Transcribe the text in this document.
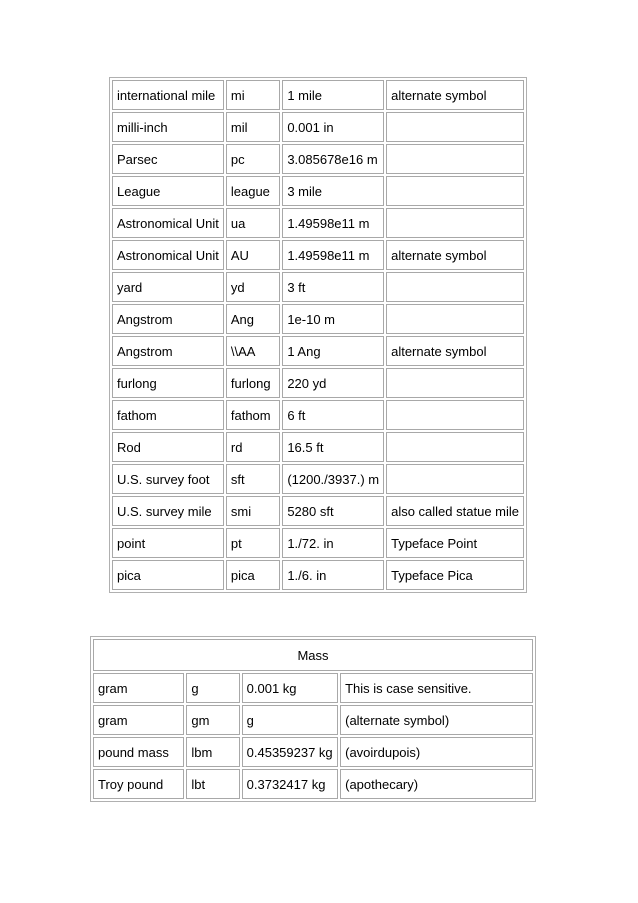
international mile	mi	1 mile	alternate symbol
milli-inch	mil	0.001 in	
Parsec	pc	3.085678e16 m	
League	league	3 mile	
Astronomical Unit	ua	1.49598e11 m	
Astronomical Unit	AU	1.49598e11 m	alternate symbol
yard	yd	3 ft	
Angstrom	Ang	1e-10 m	
Angstrom	\\AA	1 Ang	alternate symbol
furlong	furlong	220 yd	
fathom	fathom	6 ft	
Rod	rd	16.5 ft	
U.S. survey foot	sft	(1200./3937.) m	
U.S. survey mile	smi	5280 sft	also called statue mile
point	pt	1./72. in	Typeface Point
pica	pica	1./6. in	Typeface Pica
Mass			
gram	g	0.001 kg	This is case sensitive.
gram	gm	g	(alternate symbol)
pound mass	lbm	0.45359237 kg	(avoirdupois)
Troy pound	lbt	0.3732417 kg	(apothecary)
